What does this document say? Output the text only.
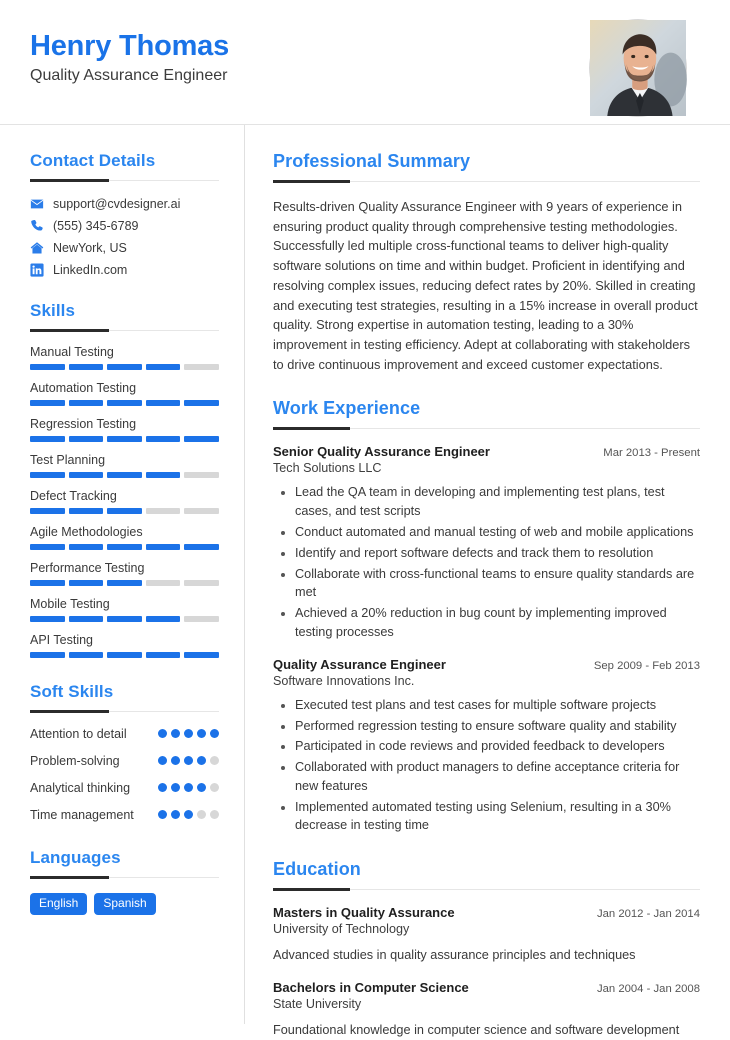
Henry Thomas
Quality Assurance Engineer
Contact Details
support@cvdesigner.ai
(555) 345-6789
NewYork, US
LinkedIn.com
Skills
Manual Testing
Automation Testing
Regression Testing
Test Planning
Defect Tracking
Agile Methodologies
Performance Testing
Mobile Testing
API Testing
Soft Skills
Attention to detail
Problem-solving
Analytical thinking
Time management
Languages
English	Spanish
Professional Summary

Results-driven Quality Assurance Engineer with 9 years of experience in ensuring product quality through comprehensive testing methodologies. Successfully led multiple cross-functional teams to deliver high-quality software solutions on time and within budget. Proficient in identifying and resolving complex issues, reducing defect rates by 20%. Skilled in creating and executing test strategies, resulting in a 15% increase in overall product quality. Strong expertise in automation testing, leading to a 30% improvement in testing efficiency. Adept at collaborating with stakeholders to drive continuous improvement and exceed customer expectations.

Work Experience
Senior Quality Assurance Engineer	Mar 2013 - Present
Tech Solutions LLC
• Lead the QA team in developing and implementing test plans, test cases, and test scripts
• Conduct automated and manual testing of web and mobile applications
• Identify and report software defects and track them to resolution
• Collaborate with cross-functional teams to ensure quality standards are met
• Achieved a 20% reduction in bug count by implementing improved testing processes
Quality Assurance Engineer	Sep 2009 - Feb 2013
Software Innovations Inc.
• Executed test plans and test cases for multiple software projects
• Performed regression testing to ensure software quality and stability
• Participated in code reviews and provided feedback to developers
• Collaborated with product managers to define acceptance criteria for new features
• Implemented automated testing using Selenium, resulting in a 30% decrease in testing time
Education
Masters in Quality Assurance	Jan 2012 - Jan 2014
University of Technology
Advanced studies in quality assurance principles and techniques
Bachelors in Computer Science	Jan 2004 - Jan 2008
State University
Foundational knowledge in computer science and software development
